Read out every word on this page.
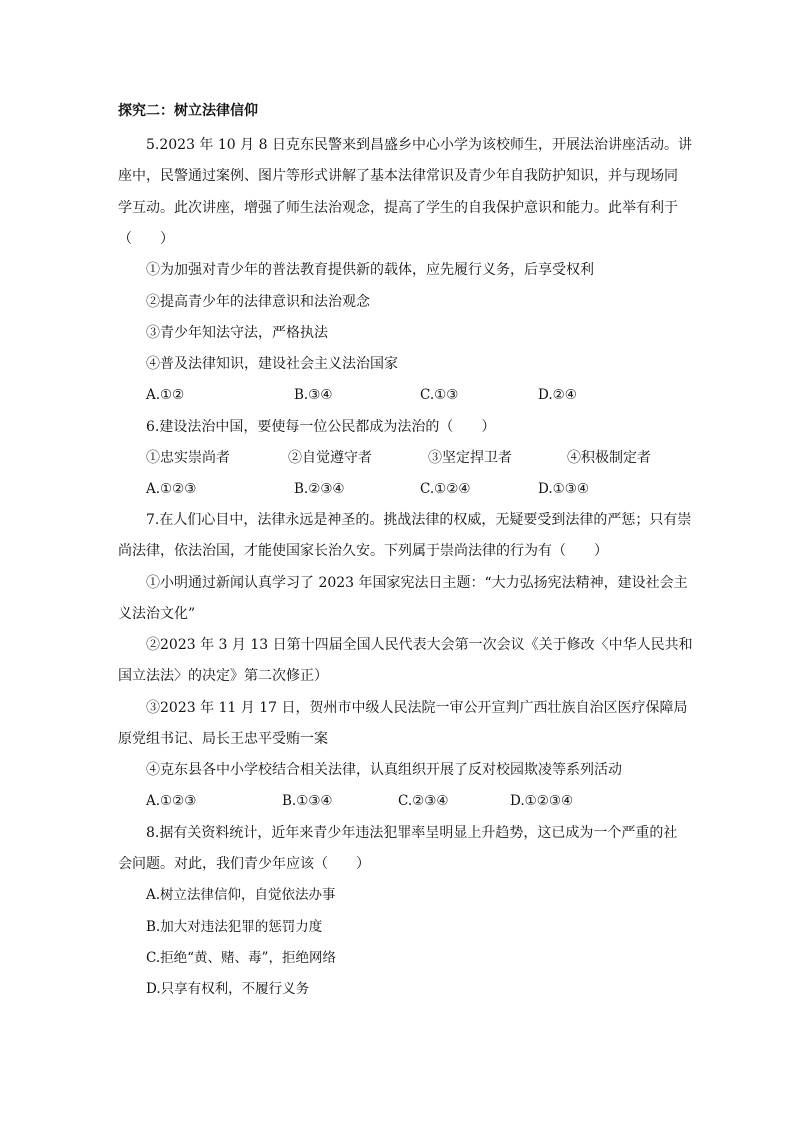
探究二：树立法律信仰
5.2023 年 10 月 8 日克东民警来到昌盛乡中心小学为该校师生，开展法治讲座活动。讲
座中，民警通过案例、图片等形式讲解了基本法律常识及青少年自我防护知识，并与现场同
学互动。此次讲座，增强了师生法治观念，提高了学生的自我保护意识和能力。此举有利于
（　　）
①为加强对青少年的普法教育提供新的载体，应先履行义务，后享受权利
②提高青少年的法律意识和法治观念
③青少年知法守法，严格执法
④普及法律知识，建设社会主义法治国家
A.①②	B.③④	C.①③	D.②④
6.建设法治中国，要使每一位公民都成为法治的（　　）
①忠实崇尚者	②自觉遵守者	③坚定捍卫者	④积极制定者
A.①②③	B.②③④	C.①②④	D.①③④
7.在人们心目中，法律永远是神圣的。挑战法律的权威，无疑要受到法律的严惩；只有崇
尚法律，依法治国，才能使国家长治久安。下列属于崇尚法律的行为有（　　）
①小明通过新闻认真学习了 2023 年国家宪法日主题：“大力弘扬宪法精神，建设社会主
义法治文化”
②2023 年 3 月 13 日第十四届全国人民代表大会第一次会议《关于修改〈中华人民共和
国立法法〉的决定》第二次修正）
③2023 年 11 月 17 日，贺州市中级人民法院一审公开宣判广西壮族自治区医疗保障局
原党组书记、局长王忠平受贿一案
④克东县各中小学校结合相关法律，认真组织开展了反对校园欺凌等系列活动
A.①②③	B.①③④	C.②③④	D.①②③④
8.据有关资料统计，近年来青少年违法犯罪率呈明显上升趋势，这已成为一个严重的社
会问题。对此，我们青少年应该（　　）
A.树立法律信仰，自觉依法办事
B.加大对违法犯罪的惩罚力度
C.拒绝“黄、赌、毒”，拒绝网络
D.只享有权利，不履行义务
